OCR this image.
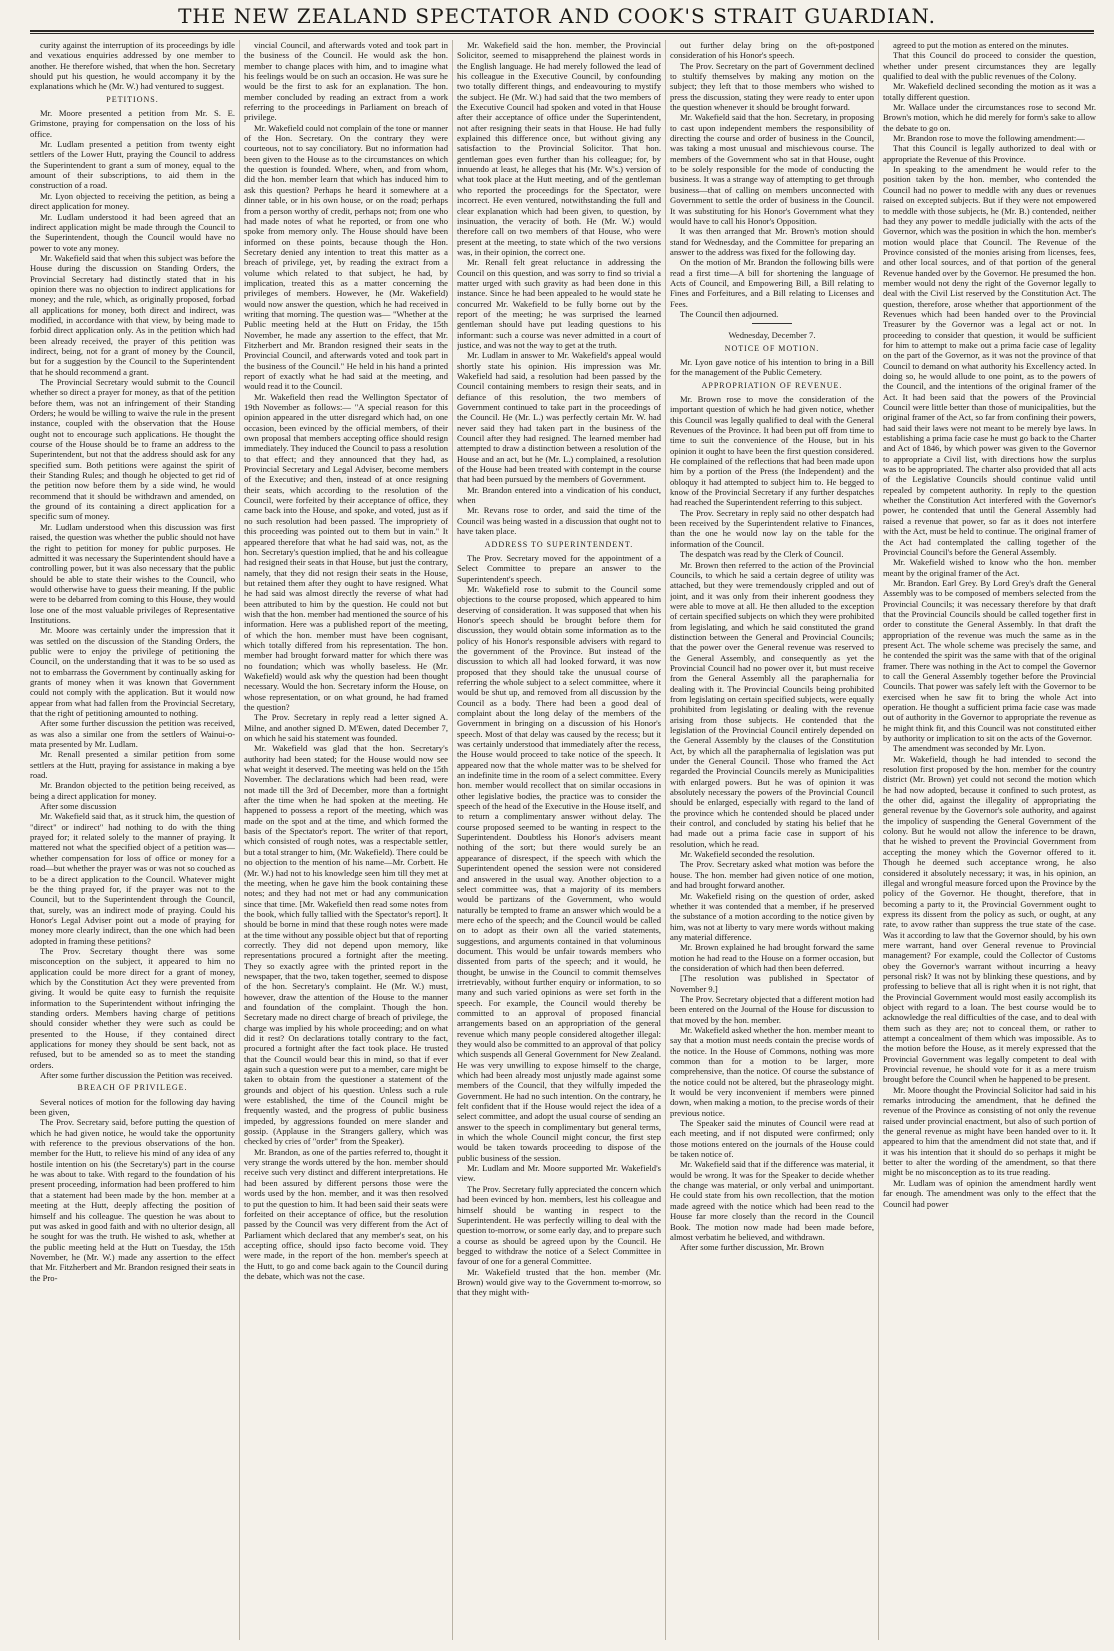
THE NEW ZEALAND SPECTATOR AND COOK'S STRAIT GUARDIAN.

curity against the interruption of its proceedings by idle and vexatious enquiries addressed by one member to another. He therefore wished, that when the hon. Secretary should put his question, he would accompany it by the explanations which he (Mr. W.) had ventured to suggest.

PETITIONS.

Mr. Moore presented a petition from Mr. S. E. Grimstone, praying for compensation on the loss of his office.

Mr. Ludlam presented a petition from twenty eight settlers of the Lower Hutt, praying the Council to address the Superintendent to grant a sum of money, equal to the amount of their subscriptions, to aid them in the construction of a road.

Mr. Lyon objected to receiving the petition, as being a direct application for money.

Mr. Ludlam understood it had been agreed that an indirect application might be made through the Council to the Superintendent, though the Council would have no power to vote any money.

Mr. Wakefield said that when this subject was before the House during the discussion on Standing Orders, the Provincial Secretary had distinctly stated that in his opinion there was no objection to indirect applications for money; and the rule, which, as originally proposed, forbad all applications for money, both direct and indirect, was modified, in accordance with that view, by being made to forbid direct application only. As in the petition which had been already received, the prayer of this petition was indirect, being, not for a grant of money by the Council, but for a suggestion by the Council to the Superintendent that he should recommend a grant.

The Provincial Secretary would submit to the Council whether so direct a prayer for money, as that of the petition before them, was not an infringement of their Standing Orders; he would be willing to waive the rule in the present instance, coupled with the observation that the House ought not to encourage such applications. He thought the course of the House should be to frame an address to the Superintendent, but not that the address should ask for any specified sum. Both petitions were against the spirit of their Standing Rules; and though he objected to get rid of the petition now before them by a side wind, he would recommend that it should be withdrawn and amended, on the ground of its containing a direct application for a specific sum of money.

Mr. Ludlam understood when this discussion was first raised, the question was whether the public should not have the right to petition for money for public purposes. He admitted it was necessary the Superintendent should have a controlling power, but it was also necessary that the public should be able to state their wishes to the Council, who would otherwise have to guess their meaning. If the public were to be debarred from coming to this House, they would lose one of the most valuable privileges of Representative Institutions.

Mr. Moore was certainly under the impression that it was settled on the discussion of the Standing Orders, the public were to enjoy the privilege of petitioning the Council, on the understanding that it was to be so used as not to embarrass the Government by continually asking for grants of money when it was known that Government could not comply with the application. But it would now appear from what had fallen from the Provincial Secretary, that the right of petitioning amounted to nothing.

After some further discussion the petition was received, as was also a similar one from the settlers of Wainui-o-mata presented by Mr. Ludlam.

Mr. Renall presented a similar petition from some settlers at the Hutt, praying for assistance in making a bye road.

Mr. Brandon objected to the petition being received, as being a direct application for money.

After some discussion

Mr. Wakefield said that, as it struck him, the question of "direct" or indirect" had nothing to do with the thing prayed for; it related solely to the manner of praying. It mattered not what the specified object of a petition was—whether compensation for loss of office or money for a road—but whether the prayer was or was not so couched as to be a direct application to the Council. Whatever might be the thing prayed for, if the prayer was not to the Council, but to the Superintendent through the Council, that, surely, was an indirect mode of praying. Could his Honor's Legal Adviser point out a mode of praying for money more clearly indirect, than the one which had been adopted in framing these petitions?

The Prov. Secretary thought there was some misconception on the subject, it appeared to him no application could be more direct for a grant of money, which by the Constitution Act they were prevented from giving. It would be quite easy to furnish the requisite information to the Superintendent without infringing the standing orders. Members having charge of petitions should consider whether they were such as could be presented to the House, if they contained direct applications for money they should be sent back, not as refused, but to be amended so as to meet the standing orders.

After some further discussion the Petition was received.

BREACH OF PRIVILEGE.

Several notices of motion for the following day having been given,

The Prov. Secretary said, before putting the question of which he had given notice, he would take the opportunity with reference to the previous observations of the hon. member for the Hutt, to relieve his mind of any idea of any hostile intention on his (the Secretary's) part in the course he was about to take. With regard to the foundation of his present proceeding, information had been proffered to him that a statement had been made by the hon. member at a meeting at the Hutt, deeply affecting the position of himself and his colleague. The question he was about to put was asked in good faith and with no ulterior design, all he sought for was the truth. He wished to ask, whether at the public meeting held at the Hutt on Tuesday, the 15th November, he (Mr. W.) made any assertion to the effect that Mr. Fitzherbert and Mr. Brandon resigned their seats in the Pro-

vincial Council, and afterwards voted and took part in the business of the Council. He would ask the hon. member to change places with him, and to imagine what his feelings would be on such an occasion. He was sure he would be the first to ask for an explanation. The hon. member concluded by reading an extract from a work referring to the proceedings in Parliament on breach of privilege.

Mr. Wakefield could not complain of the tone or manner of the Hon. Secretary. On the contrary they were courteous, not to say conciliatory. But no information had been given to the House as to the circumstances on which the question is founded. Where, when, and from whom, did the hon. member learn that which has induced him to ask this question? Perhaps he heard it somewhere at a dinner table, or in his own house, or on the road; perhaps from a person worthy of credit, perhaps not; from one who had made notes of what he reported, or from one who spoke from memory only. The House should have been informed on these points, because though the Hon. Secretary denied any intention to treat this matter as a breach of privilege, yet, by reading the extract from a volume which related to that subject, he had, by implication, treated this as a matter concerning the privileges of members. However, he (Mr. Wakefield) would now answer the question, which he had received in writing that morning. The question was— "Whether at the Public meeting held at the Hutt on Friday, the 15th November, he made any assertion to the effect, that Mr. Fitzherbert and Mr. Brandon resigned their seats in the Provincial Council, and afterwards voted and took part in the business of the Council." He held in his hand a printed report of exactly what he had said at the meeting, and would read it to the Council.

Mr. Wakefield then read the Wellington Spectator of 19th November as follows:— "A special reason for this opinion appeared in the utter disregard which had, on one occasion, been evinced by the official members, of their own proposal that members accepting office should resign immediately. They induced the Council to pass a resolution to that effect; and they announced that they had, as Provincial Secretary and Legal Adviser, become members of the Executive; and then, instead of at once resigning their seats, which according to the resolution of the Council, were forfeited by their acceptance of office, they came back into the House, and spoke, and voted, just as if no such resolution had been passed. The impropriety of this proceeding was pointed out to them but in vain." It appeared therefore that what he had said was, not, as the hon. Secretary's question implied, that he and his colleague had resigned their seats in that House, but just the contrary, namely, that they did not resign their seats in the House, but retained them after they ought to have resigned. What he had said was almost directly the reverse of what had been attributed to him by the question. He could not but wish that the hon. member had mentioned the source of his information. Here was a published report of the meeting, of which the hon. member must have been cognisant, which totally differed from his representation. The hon. member had brought forward matter for which there was no foundation; which was wholly baseless. He (Mr. Wakefield) would ask why the question had been thought necessary. Would the hon. Secretary inform the House, on whose representation, or on what ground, he had framed the question?

The Prov. Secretary in reply read a letter signed A. Milne, and another signed D. M'Ewen, dated December 7, on which he said his statement was founded.

Mr. Wakefield was glad that the hon. Secretary's authority had been stated; for the House would now see what weight it deserved. The meeting was held on the 15th November. The declarations which had been read, were not made till the 3rd of December, more than a fortnight after the time when he had spoken at the meeting. He happened to possess a report of the meeting, which was made on the spot and at the time, and which formed the basis of the Spectator's report. The writer of that report, which consisted of rough notes, was a respectable settler, but a total stranger to him, (Mr. Wakefield). There could be no objection to the mention of his name—Mr. Corbett. He (Mr. W.) had not to his knowledge seen him till they met at the meeting, when he gave him the book containing these notes; and they had not met or had any communication since that time. [Mr. Wakefield then read some notes from the book, which fully tallied with the Spectator's report]. It should be borne in mind that these rough notes were made at the time without any possible object but that of reporting correctly. They did not depend upon memory, like representations procured a fortnight after the meeting. They so exactly agree with the printed report in the newspaper, that the two, taken together, seemed to dispose of the hon. Secretary's complaint. He (Mr. W.) must, however, draw the attention of the House to the manner and foundation of the complaint. Though the hon. Secretary made no direct charge of breach of privilege, the charge was implied by his whole proceeding; and on what did it rest? On declarations totally contrary to the fact, procured a fortnight after the fact took place. He trusted that the Council would bear this in mind, so that if ever again such a question were put to a member, care might be taken to obtain from the questioner a statement of the grounds and object of his question. Unless such a rule were established, the time of the Council might be frequently wasted, and the progress of public business impeded, by aggressions founded on mere slander and gossip. (Applause in the Strangers gallery, which was checked by cries of "order" from the Speaker).

Mr. Brandon, as one of the parties referred to, thought it very strange the words uttered by the hon. member should receive such very distinct and different interpretations. He had been assured by different persons those were the words used by the hon. member, and it was then resolved to put the question to him. It had been said their seats were forfeited on their acceptance of office, but the resolution passed by the Council was very different from the Act of Parliament which declared that any member's seat, on his accepting office, should ipso facto become void. They were made, in the report of the hon. member's speech at the Hutt, to go and come back again to the Council during the debate, which was not the case.

Mr. Wakefield said the hon. member, the Provincial Solicitor, seemed to misapprehend the plainest words in the English language. He had merely followed the lead of his colleague in the Executive Council, by confounding two totally different things, and endeavouring to mystify the subject. He (Mr. W.) had said that the two members of the Executive Council had spoken and voted in that House after their acceptance of office under the Superintendent, not after resigning their seats in that House. He had fully explained this difference once, but without giving any satisfaction to the Provincial Solicitor. That hon. gentleman goes even further than his colleague; for, by innuendo at least, he alleges that his (Mr. W's.) version of what took place at the Hutt meeting, and of the gentleman who reported the proceedings for the Spectator, were incorrect. He even ventured, notwithstanding the full and clear explanation which had been given, to question, by insinuation, the veracity of both. He (Mr. W.) would therefore call on two members of that House, who were present at the meeting, to state which of the two versions was, in their opinion, the correct one.

Mr. Renall felt great reluctance in addressing the Council on this question, and was sorry to find so trivial a matter urged with such gravity as had been done in this instance. Since he had been appealed to he would state he concurred Mr. Wakefield to be fully borne out by the report of the meeting; he was surprised the learned gentleman should have put leading questions to his informant: such a course was never admitted in a court of justice, and was not the way to get at the truth.

Mr. Ludlam in answer to Mr. Wakefield's appeal would shortly state his opinion. His impression was Mr. Wakefield had said, a resolution had been passed by the Council containing members to resign their seats, and in defiance of this resolution, the two members of Government continued to take part in the proceedings of the Council. He (Mr. L.) was perfectly certain Mr. W. had never said they had taken part in the business of the Council after they had resigned. The learned member had attempted to draw a distinction between a resolution of the House and an act, but he (Mr. L.) complained, a resolution of the House had been treated with contempt in the course that had been pursued by the members of Government.

Mr. Brandon entered into a vindication of his conduct, when

Mr. Revans rose to order, and said the time of the Council was being wasted in a discussion that ought not to have taken place.

ADDRESS TO SUPERINTENDENT.

The Prov. Secretary moved for the appointment of a Select Committee to prepare an answer to the Superintendent's speech.

Mr. Wakefield rose to submit to the Council some objections to the course proposed, which appeared to him deserving of consideration. It was supposed that when his Honor's speech should be brought before them for discussion, they would obtain some information as to the policy of his Honor's responsible advisers with regard to the government of the Province. But instead of the discussion to which all had looked forward, it was now proposed that they should take the unusual course of referring the whole subject to a select committee, where it would be shut up, and removed from all discussion by the Council as a body. There had been a good deal of complaint about the long delay of the members of the Government in bringing on a discussion of his Honor's speech. Most of that delay was caused by the recess; but it was certainly understood that immediately after the recess, the House would proceed to take notice of the speech. It appeared now that the whole matter was to be shelved for an indefinite time in the room of a select committee. Every hon. member would recollect that on similar occasions in other legislative bodies, the practice was to consider the speech of the head of the Executive in the House itself, and to return a complimentary answer without delay. The course proposed seemed to be wanting in respect to the Superintendent. Doubtless his Honor's advisers meant nothing of the sort; but there would surely be an appearance of disrespect, if the speech with which the Superintendent opened the session were not considered and answered in the usual way. Another objection to a select committee was, that a majority of its members would be partizans of the Government, who would naturally be tempted to frame an answer which would be a mere echo of the speech; and the Council would be called on to adopt as their own all the varied statements, suggestions, and arguments contained in that voluminous document. This would be unfair towards members who dissented from parts of the speech; and it would, he thought, be unwise in the Council to commit themselves irretrievably, without further enquiry or information, to so many and such varied opinions as were set forth in the speech. For example, the Council would thereby be committed to an approval of proposed financial arrangements based on an appropriation of the general revenue which many people considered altogether illegal: they would also be committed to an approval of that policy which suspends all General Government for New Zealand. He was very unwilling to expose himself to the charge, which had been already most unjustly made against some members of the Council, that they wilfully impeded the Government. He had no such intention. On the contrary, he felt confident that if the House would reject the idea of a select committee, and adopt the usual course of sending an answer to the speech in complimentary but general terms, in which the whole Council might concur, the first step would be taken towards proceeding to dispose of the public business of the session.

Mr. Ludlam and Mr. Moore supported Mr. Wakefield's view.

The Prov. Secretary fully appreciated the concern which had been evinced by hon. members, lest his colleague and himself should be wanting in respect to the Superintendent. He was perfectly willing to deal with the question to-morrow, or some early day, and to prepare such a course as should be agreed upon by the Council. He begged to withdraw the notice of a Select Committee in favour of one for a general Committee.

Mr. Wakefield trusted that the hon. member (Mr. Brown) would give way to the Government to-morrow, so that they might with-

out further delay bring on the oft-postponed consideration of his Honor's speech.

The Prov. Secretary on the part of Government declined to stultify themselves by making any motion on the subject; they left that to those members who wished to press the discussion, stating they were ready to enter upon the question whenever it should be brought forward.

Mr. Wakefield said that the hon. Secretary, in proposing to cast upon independent members the responsibility of directing the course and order of business in the Council, was taking a most unusual and mischievous course. The members of the Government who sat in that House, ought to be solely responsible for the mode of conducting the business. It was a strange way of attempting to get through business—that of calling on members unconnected with Government to settle the order of business in the Council. It was substituting for his Honor's Government what they would have to call his Honor's Opposition.

It was then arranged that Mr. Brown's motion should stand for Wednesday, and the Committee for preparing an answer to the address was fixed for the following day.

On the motion of Mr. Brandon the following bills were read a first time—A bill for shortening the language of Acts of Council, and Empowering Bill, a Bill relating to Fines and Forfeitures, and a Bill relating to Licenses and Fees.

The Council then adjourned.

Wednesday, December 7.

NOTICE OF MOTION.

Mr. Lyon gave notice of his intention to bring in a Bill for the management of the Public Cemetery.

APPROPRIATION OF REVENUE.

Mr. Brown rose to move the consideration of the important question of which he had given notice, whether this Council was legally qualified to deal with the General Revenues of the Province. It had been put off from time to time to suit the convenience of the House, but in his opinion it ought to have been the first question considered. He complained of the reflections that had been made upon him by a portion of the Press (the Independent) and the obloquy it had attempted to subject him to. He begged to know of the Provincial Secretary if any further despatches had reached the Superintendent referring to this subject.

The Prov. Secretary in reply said no other despatch had been received by the Superintendent relative to Finances, than the one he would now lay on the table for the information of the Council.

The despatch was read by the Clerk of Council.

Mr. Brown then referred to the action of the Provincial Councils, to which he said a certain degree of utility was attached, but they were tremendously crippled and out of joint, and it was only from their inherent goodness they were able to move at all. He then alluded to the exception of certain specified subjects on which they were prohibited from legislating, and which he said constituted the grand distinction between the General and Provincial Councils; that the power over the General revenue was reserved to the General Assembly, and consequently as yet the Provincial Council had no power over it, but must receive from the General Assembly all the paraphernalia for dealing with it. The Provincial Councils being prohibited from legislating on certain specified subjects, were equally prohibited from legislating or dealing with the revenue arising from those subjects. He contended that the legislation of the Provincial Council entirely depended on the General Assembly by the clauses of the Constitution Act, by which all the paraphernalia of legislation was put under the General Council. Those who framed the Act regarded the Provincial Councils merely as Municipalities with enlarged powers. But he was of opinion it was absolutely necessary the powers of the Provincial Council should be enlarged, especially with regard to the land of the province which he contended should be placed under their control, and concluded by stating his belief that he had made out a prima facie case in support of his resolution, which he read.

Mr. Wakefield seconded the resolution.

The Prov. Secretary asked what motion was before the house. The hon. member had given notice of one motion, and had brought forward another.

Mr. Wakefield rising on the question of order, asked whether it was contended that a member, if he preserved the substance of a motion according to the notice given by him, was not at liberty to vary mere words without making any material difference.

Mr. Brown explained he had brought forward the same motion he had read to the House on a former occasion, but the consideration of which had then been deferred.

[The resolution was published in Spectator of November 9.]

The Prov. Secretary objected that a different motion had been entered on the Journal of the House for discussion to that moved by the hon. member.

Mr. Wakefield asked whether the hon. member meant to say that a motion must needs contain the precise words of the notice. In the House of Commons, nothing was more common than for a motion to be larger, more comprehensive, than the notice. Of course the substance of the notice could not be altered, but the phraseology might. It would be very inconvenient if members were pinned down, when making a motion, to the precise words of their previous notice.

The Speaker said the minutes of Council were read at each meeting, and if not disputed were confirmed; only those motions entered on the journals of the House could be taken notice of.

Mr. Wakefield said that if the difference was material, it would be wrong. It was for the Speaker to decide whether the change was material, or only verbal and unimportant. He could state from his own recollection, that the motion made agreed with the notice which had been read to the House far more closely than the record in the Council Book. The motion now made had been made before, almost verbatim he believed, and withdrawn.

After some further discussion, Mr. Brown

agreed to put the motion as entered on the minutes.

That this Council do proceed to consider the question, whether under present circumstances they are legally qualified to deal with the public revenues of the Colony.

Mr. Wakefield declined seconding the motion as it was a totally different question.

Mr. Wallace under the circumstances rose to second Mr. Brown's motion, which he did merely for form's sake to allow the debate to go on.

Mr. Brandon rose to move the following amendment:—

That this Council is legally authorized to deal with or appropriate the Revenue of this Province.

In speaking to the amendment he would refer to the position taken by the hon. member, who contended the Council had no power to meddle with any dues or revenues raised on excepted subjects. But if they were not empowered to meddle with those subjects, he (Mr. B.) contended, neither had they any power to meddle judicially with the acts of the Governor, which was the position in which the hon. member's motion would place that Council. The Revenue of the Province consisted of the monies arising from licenses, fees, and other local sources, and of that portion of the general Revenue handed over by the Governor. He presumed the hon. member would not deny the right of the Governor legally to deal with the Civil List reserved by the Constitution Act. The question, therefore, arose whether that apportionment of the Revenues which had been handed over to the Provincial Treasurer by the Governor was a legal act or not. In proceeding to consider that question, it would be sufficient for him to attempt to make out a prima facie case of legality on the part of the Governor, as it was not the province of that Council to demand on what authority his Excellency acted. In doing so, he would allude to one point, as to the powers of the Council, and the intentions of the original framer of the Act. It had been said that the powers of the Provincial Council were little better than those of municipalities, but the original framer of the Act, so far from confining their powers, had said their laws were not meant to be merely bye laws. In establishing a prima facie case he must go back to the Charter and Act of 1846, by which power was given to the Governor to appropriate a Civil list, with directions how the surplus was to be appropriated. The charter also provided that all acts of the Legislative Councils should continue valid until repealed by competent authority. In reply to the question whether the Constitution Act interfered with the Governor's power, he contended that until the General Assembly had raised a revenue that power, so far as it does not interfere with the Act, must be held to continue. The original framer of the Act had contemplated the calling together of the Provincial Council's before the General Assembly.

Mr. Wakefield wished to know who the hon. member meant by the original framer of the Act.

Mr. Brandon. Earl Grey. By Lord Grey's draft the General Assembly was to be composed of members selected from the Provincial Councils; it was necessary therefore by that draft that the Provincial Councils should be called together first in order to constitute the General Assembly. In that draft the appropriation of the revenue was much the same as in the present Act. The whole scheme was precisely the same, and he contended the spirit was the same with that of the original framer. There was nothing in the Act to compel the Governor to call the General Assembly together before the Provincial Councils. That power was safely left with the Governor to be exercised when he saw fit to bring the whole Act into operation. He thought a sufficient prima facie case was made out of authority in the Governor to appropriate the revenue as he might think fit, and this Council was not constituted either by authority or implication to sit on the acts of the Governor.

The amendment was seconded by Mr. Lyon.

Mr. Wakefield, though he had intended to second the resolution first proposed by the hon. member for the country district (Mr. Brown) yet could not second the motion which he had now adopted, because it confined to such protest, as the other did, against the illegality of appropriating the general revenue by the Governor's sole authority, and against the impolicy of suspending the General Government of the colony. But he would not allow the inference to be drawn, that he wished to prevent the Provincial Government from accepting the money which the Governor offered to it. Though he deemed such acceptance wrong, he also considered it absolutely necessary; it was, in his opinion, an illegal and wrongful measure forced upon the Province by the policy of the Governor. He thought, therefore, that in becoming a party to it, the Provincial Government ought to express its dissent from the policy as such, or ought, at any rate, to avow rather than suppress the true state of the case. Was it according to law that the Governor should, by his own mere warrant, hand over General revenue to Provincial management? For example, could the Collector of Customs obey the Governor's warrant without incurring a heavy personal risk? It was not by blinking these questions, and by professing to believe that all is right when it is not right, that the Provincial Government would most easily accomplish its object with regard to a loan. The best course would be to acknowledge the real difficulties of the case, and to deal with them such as they are; not to conceal them, or rather to attempt a concealment of them which was impossible. As to the motion before the House, as it merely expressed that the Provincial Government was legally competent to deal with Provincial revenue, he should vote for it as a mere truism brought before the Council when he happened to be present.

Mr. Moore thought the Provincial Solicitor had said in his remarks introducing the amendment, that he defined the revenue of the Province as consisting of not only the revenue raised under provincial enactment, but also of such portion of the general revenue as might have been handed over to it. It appeared to him that the amendment did not state that, and if it was his intention that it should do so perhaps it might be better to alter the wording of the amendment, so that there might be no misconception as to its true reading.

Mr. Ludlam was of opinion the amendment hardly went far enough. The amendment was only to the effect that the Council had power
